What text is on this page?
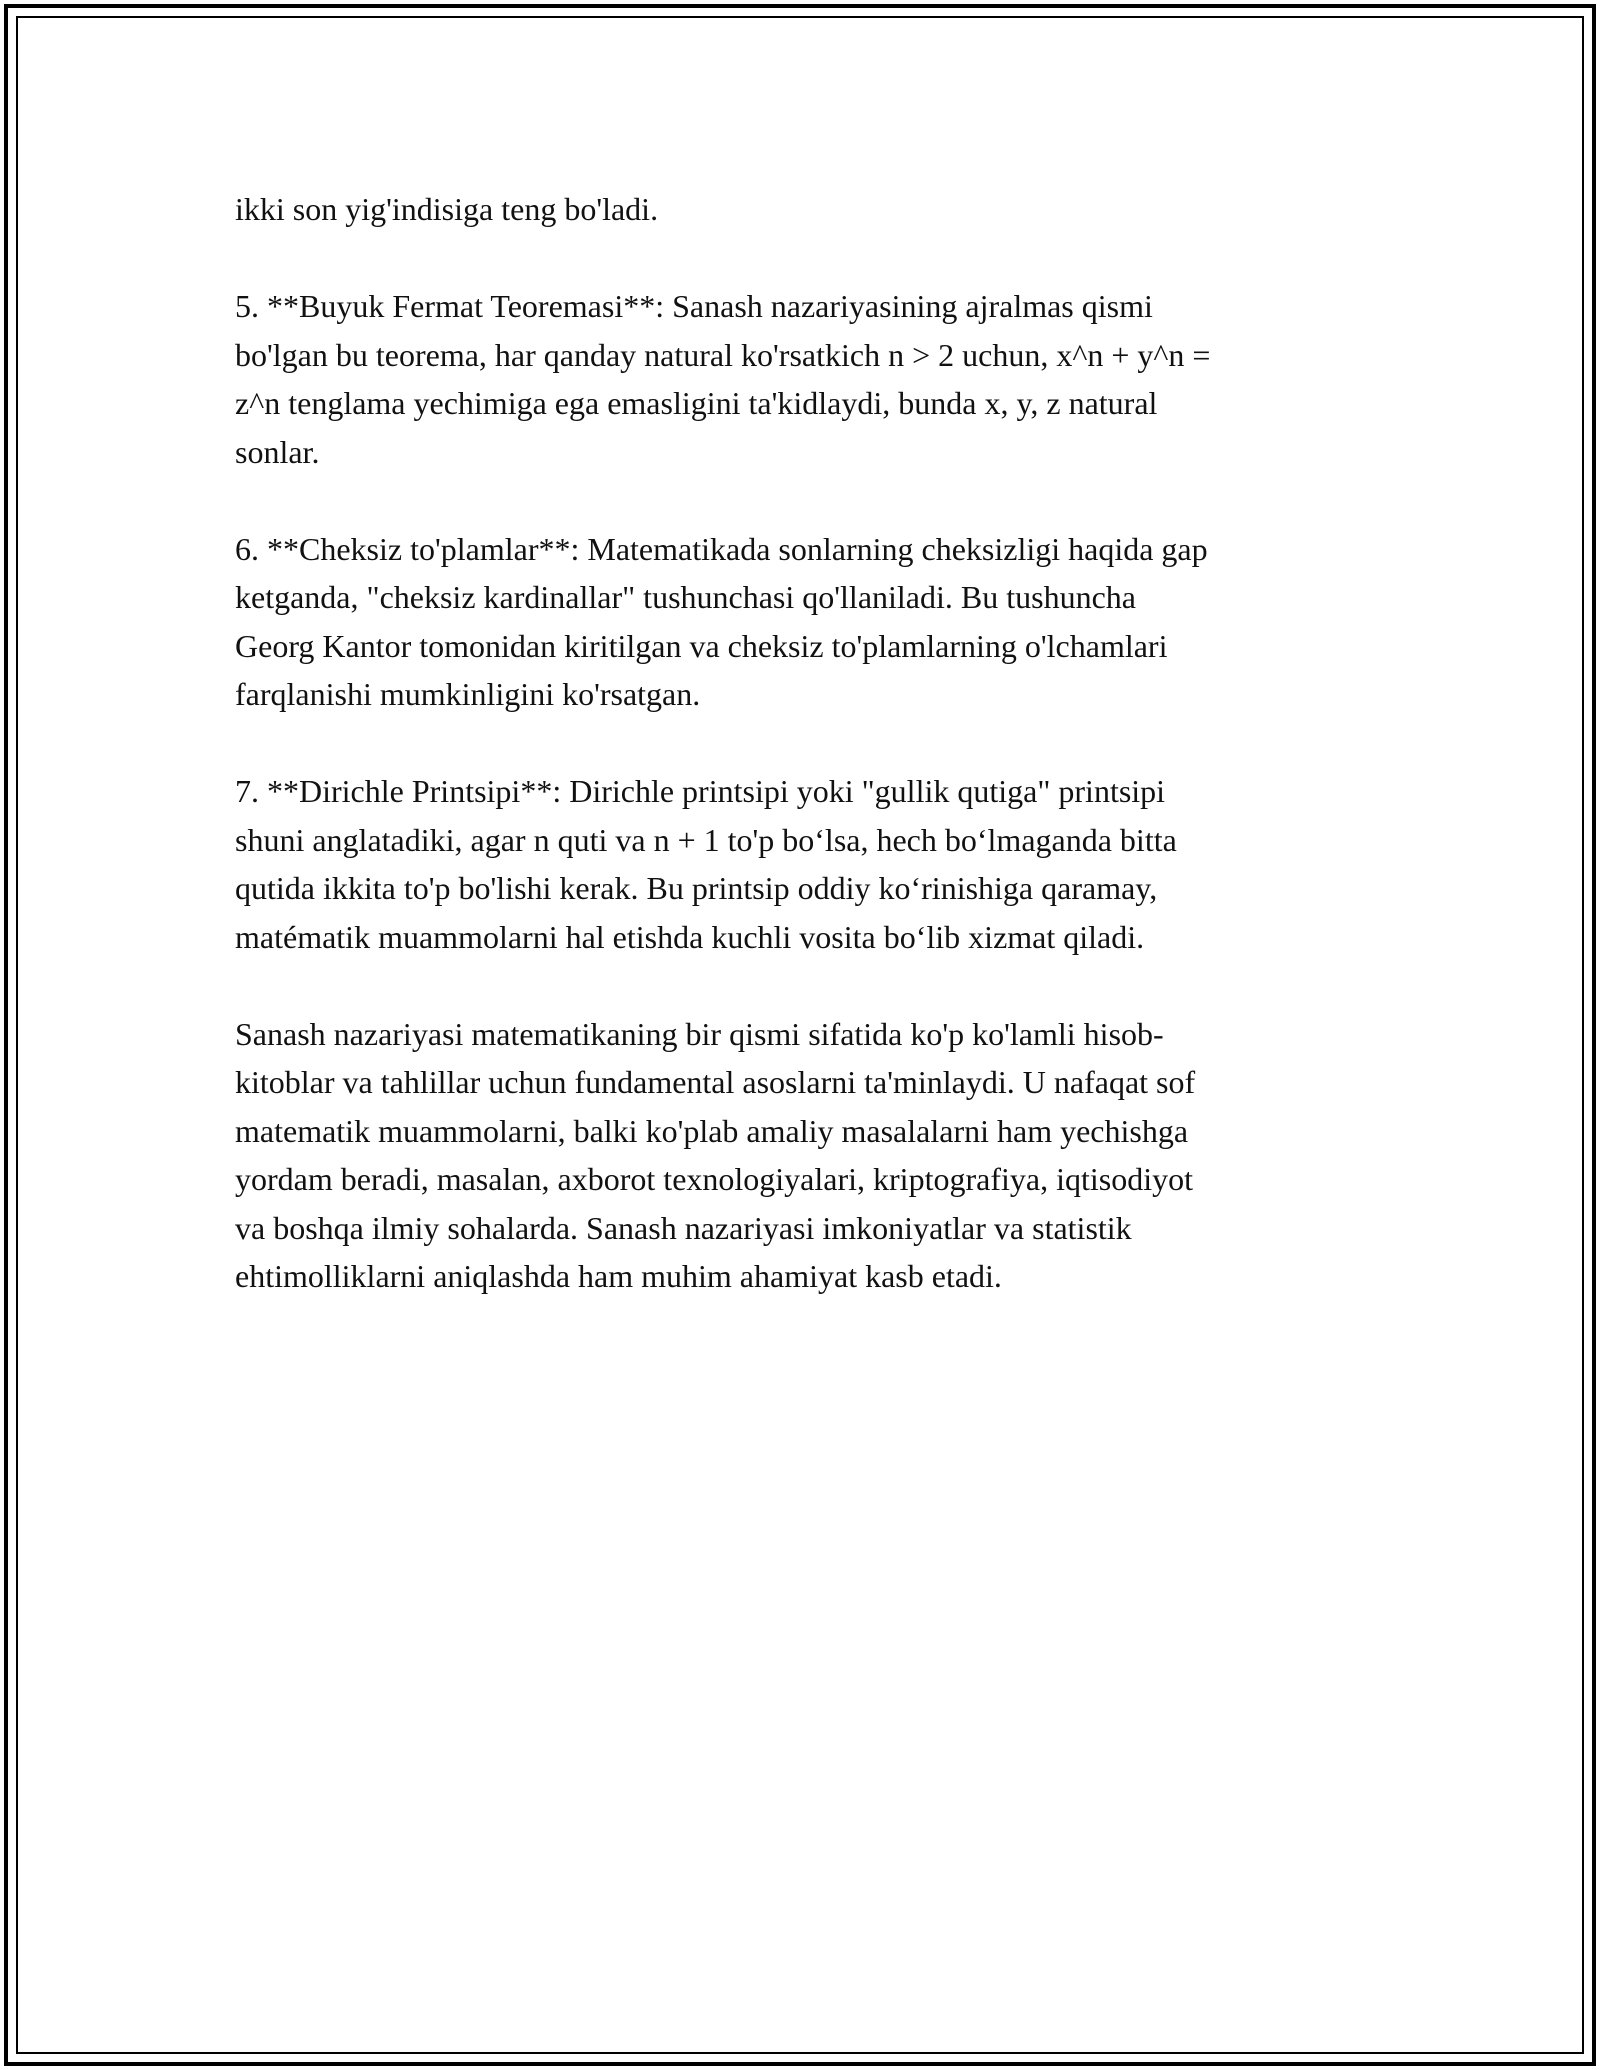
ikki son yig'indisiga teng bo'ladi.

5. **Buyuk Fermat Teoremasi**: Sanash nazariyasining ajralmas qismi
bo'lgan bu teorema, har qanday natural ko'rsatkich n > 2 uchun, x^n + y^n =
z^n tenglama yechimiga ega emasligini ta'kidlaydi, bunda x, y, z natural
sonlar.

6. **Cheksiz to'plamlar**: Matematikada sonlarning cheksizligi haqida gap
ketganda, "cheksiz kardinallar" tushunchasi qo'llaniladi. Bu tushuncha
Georg Kantor tomonidan kiritilgan va cheksiz to'plamlarning o'lchamlari
farqlanishi mumkinligini ko'rsatgan.

7. **Dirichle Printsipi**: Dirichle printsipi yoki "gullik qutiga" printsipi
shuni anglatadiki, agar n quti va n + 1 to'p bo‘lsa, hech bo‘lmaganda bitta
qutida ikkita to'p bo'lishi kerak. Bu printsip oddiy ko‘rinishiga qaramay,
matématik muammolarni hal etishda kuchli vosita bo‘lib xizmat qiladi.

Sanash nazariyasi matematikaning bir qismi sifatida ko'p ko'lamli hisob-
kitoblar va tahlillar uchun fundamental asoslarni ta'minlaydi. U nafaqat sof
matematik muammolarni, balki ko'plab amaliy masalalarni ham yechishga
yordam beradi, masalan, axborot texnologiyalari, kriptografiya, iqtisodiyot
va boshqa ilmiy sohalarda. Sanash nazariyasi imkoniyatlar va statistik
ehtimolliklarni aniqlashda ham muhim ahamiyat kasb etadi.
